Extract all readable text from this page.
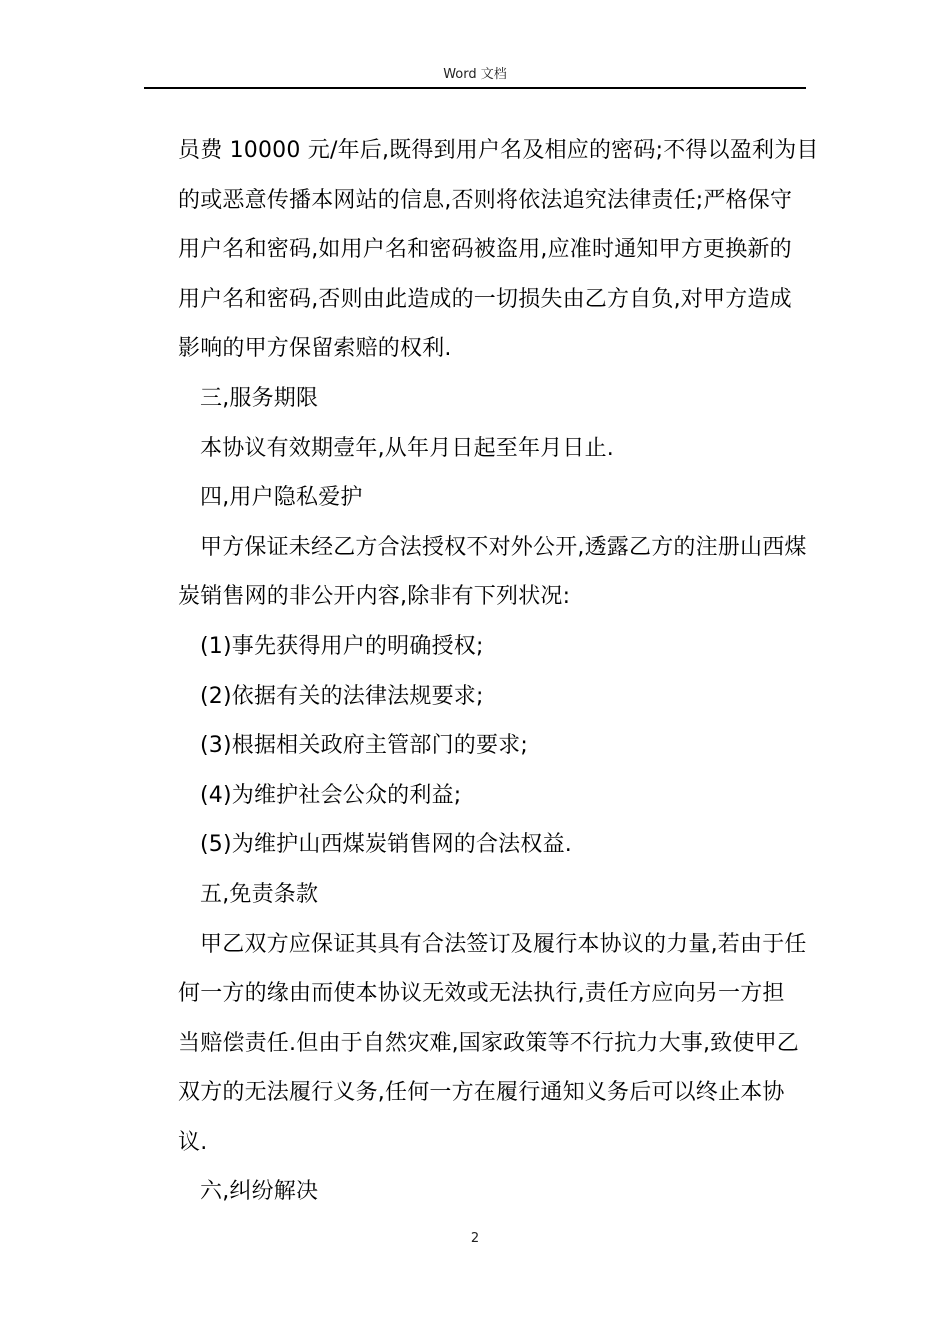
Word 文档
员费 10000 元/年后,既得到用户名及相应的密码;不得以盈利为目
的或恶意传播本网站的信息,否则将依法追究法律责任;严格保守
用户名和密码,如用户名和密码被盗用,应准时通知甲方更换新的
用户名和密码,否则由此造成的一切损失由乙方自负,对甲方造成
影响的甲方保留索赔的权利.
三,服务期限
本协议有效期壹年,从年月日起至年月日止.
四,用户隐私爱护
甲方保证未经乙方合法授权不对外公开,透露乙方的注册山西煤
炭销售网的非公开内容,除非有下列状况:
(1)事先获得用户的明确授权;
(2)依据有关的法律法规要求;
(3)根据相关政府主管部门的要求;
(4)为维护社会公众的利益;
(5)为维护山西煤炭销售网的合法权益.
五,免责条款
甲乙双方应保证其具有合法签订及履行本协议的力量,若由于任
何一方的缘由而使本协议无效或无法执行,责任方应向另一方担
当赔偿责任.但由于自然灾难,国家政策等不行抗力大事,致使甲乙
双方的无法履行义务,任何一方在履行通知义务后可以终止本协
议.
六,纠纷解决
2
